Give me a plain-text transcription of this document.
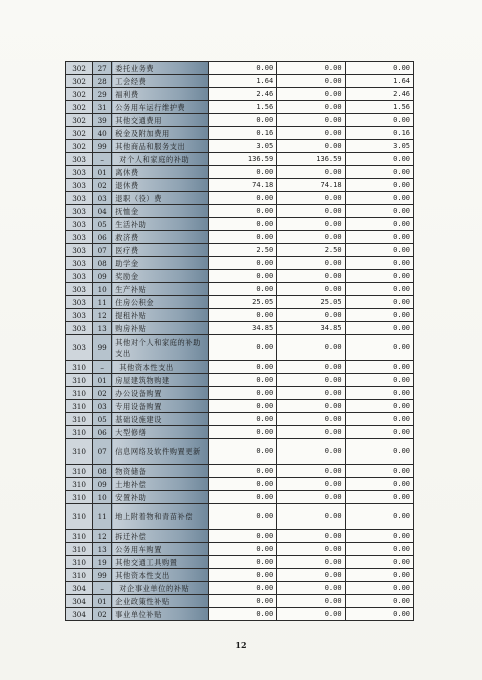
302	27	委托业务费	0.00	0.00	0.00
302	28	工会经费	1.64	0.00	1.64
302	29	福利费	2.46	0.00	2.46
302	31	公务用车运行维护费	1.56	0.00	1.56
302	39	其他交通费用	0.00	0.00	0.00
302	40	税金及附加费用	0.16	0.00	0.16
302	99	其他商品和服务支出	3.05	0.00	3.05
303	–	对个人和家庭的补助	136.59	136.59	0.00
303	01	离休费	0.00	0.00	0.00
303	02	退休费	74.18	74.18	0.00
303	03	退职（役）费	0.00	0.00	0.00
303	04	抚恤金	0.00	0.00	0.00
303	05	生活补助	0.00	0.00	0.00
303	06	救济费	0.00	0.00	0.00
303	07	医疗费	2.50	2.50	0.00
303	08	助学金	0.00	0.00	0.00
303	09	奖励金	0.00	0.00	0.00
303	10	生产补贴	0.00	0.00	0.00
303	11	住房公积金	25.05	25.05	0.00
303	12	提租补贴	0.00	0.00	0.00
303	13	购房补贴	34.85	34.85	0.00
303	99	其他对个人和家庭的补助支出	0.00	0.00	0.00
310	–	其他资本性支出	0.00	0.00	0.00
310	01	房屋建筑物购建	0.00	0.00	0.00
310	02	办公设备购置	0.00	0.00	0.00
310	03	专用设备购置	0.00	0.00	0.00
310	05	基础设施建设	0.00	0.00	0.00
310	06	大型修缮	0.00	0.00	0.00
310	07	信息网络及软件购置更新	0.00	0.00	0.00
310	08	物资储备	0.00	0.00	0.00
310	09	土地补偿	0.00	0.00	0.00
310	10	安置补助	0.00	0.00	0.00
310	11	地上附着物和青苗补偿	0.00	0.00	0.00
310	12	拆迁补偿	0.00	0.00	0.00
310	13	公务用车购置	0.00	0.00	0.00
310	19	其他交通工具购置	0.00	0.00	0.00
310	99	其他资本性支出	0.00	0.00	0.00
304	–	对企事业单位的补贴	0.00	0.00	0.00
304	01	企业政策性补贴	0.00	0.00	0.00
304	02	事业单位补贴	0.00	0.00	0.00
12
